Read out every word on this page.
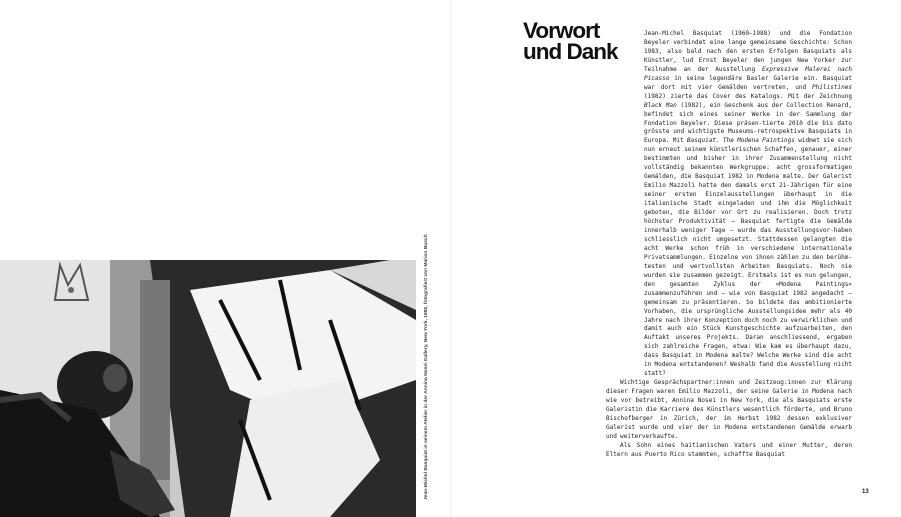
Jean-Michel Basquiat in seinem Atelier in der Annina Nosei Gallery, New York, 1982, fotografiert von Marion Busch
Vorwort
und Dank

Jean-Michel Basquiat (1960–1988) und die Fondation Beyeler verbindet eine lange gemeinsame Geschichte: Schon 1983, also bald nach den ersten Erfolgen Basquiats als Künstler, lud Ernst Beyeler den jungen New Yorker zur Teilnahme an der Ausstellung Expressive Malerei nach Picasso in seine legendäre Basler Galerie ein. Basquiat war dort mit vier Gemälden vertreten, und Philistines (1982) zierte das Cover des Katalogs. Mit der Zeichnung Black Man (1982), ein Geschenk aus der Collection Renard, befindet sich eines seiner Werke in der Sammlung der Fondation Beyeler. Diese präsen-tierte 2010 die bis dato grösste und wichtigste Museums-retrospektive Basquiats in Europa. Mit Basquiat. The Modena Paintings widmet sie sich nun erneut seinem künstlerischen Schaffen, genauer, einer bestimmten und bisher in ihrer Zusammenstellung nicht vollständig bekannten Werkgruppe: acht grossformatigen Gemälden, die Basquiat 1982 in Modena malte. Der Galerist Emilio Mazzoli hatte den damals erst 21-Jährigen für eine seiner ersten Einzelausstellungen überhaupt in die italienische Stadt eingeladen und ihm die Möglichkeit geboten, die Bilder vor Ort zu realisieren. Doch trotz höchster Produktivität – Basquiat fertigte die Gemälde innerhalb weniger Tage – wurde das Ausstellungsvor-haben schliesslich nicht umgesetzt. Stattdessen gelangten die acht Werke schon früh in verschiedene internationale Privatsammlungen. Einzelne von ihnen zählen zu den berühm-testen und wertvollsten Arbeiten Basquiats. Noch nie wurden sie zusammen gezeigt. Erstmals ist es nun gelungen, den gesamten Zyklus der »Modena Paintings« zusammenzuführen und – wie von Basquiat 1982 angedacht – gemeinsam zu präsentieren. So bildete das ambitionierte Vorhaben, die ursprüngliche Ausstellungsidee mehr als 40 Jahre nach ihrer Konzeption doch noch zu verwirklichen und damit auch ein Stück Kunstgeschichte aufzuarbeiten, den Auftakt unseres Projekts. Daran anschliessend, ergaben sich zahlreiche Fragen, etwa: Wie kam es überhaupt dazu, dass Basquiat in Modena malte? Welche Werke sind die acht in Modena entstandenen? Weshalb fand die Ausstellung nicht statt?

Wichtige Gesprächspartner:innen und Zeitzeug:innen zur Klärung dieser Fragen waren Emilio Mazzoli, der seine Galerie in Modena nach wie vor betreibt, Annina Nosei in New York, die als Basquiats erste Galeristin die Karriere des Künstlers wesentlich förderte, und Bruno Bischofberger in Zürich, der im Herbst 1982 dessen exklusiver Galerist wurde und vier der in Modena entstandenen Gemälde erwarb und weiterverkaufte.

Als Sohn eines haitianischen Vaters und einer Mutter, deren Eltern aus Puerto Rico stammten, schaffte Basquiat

13
